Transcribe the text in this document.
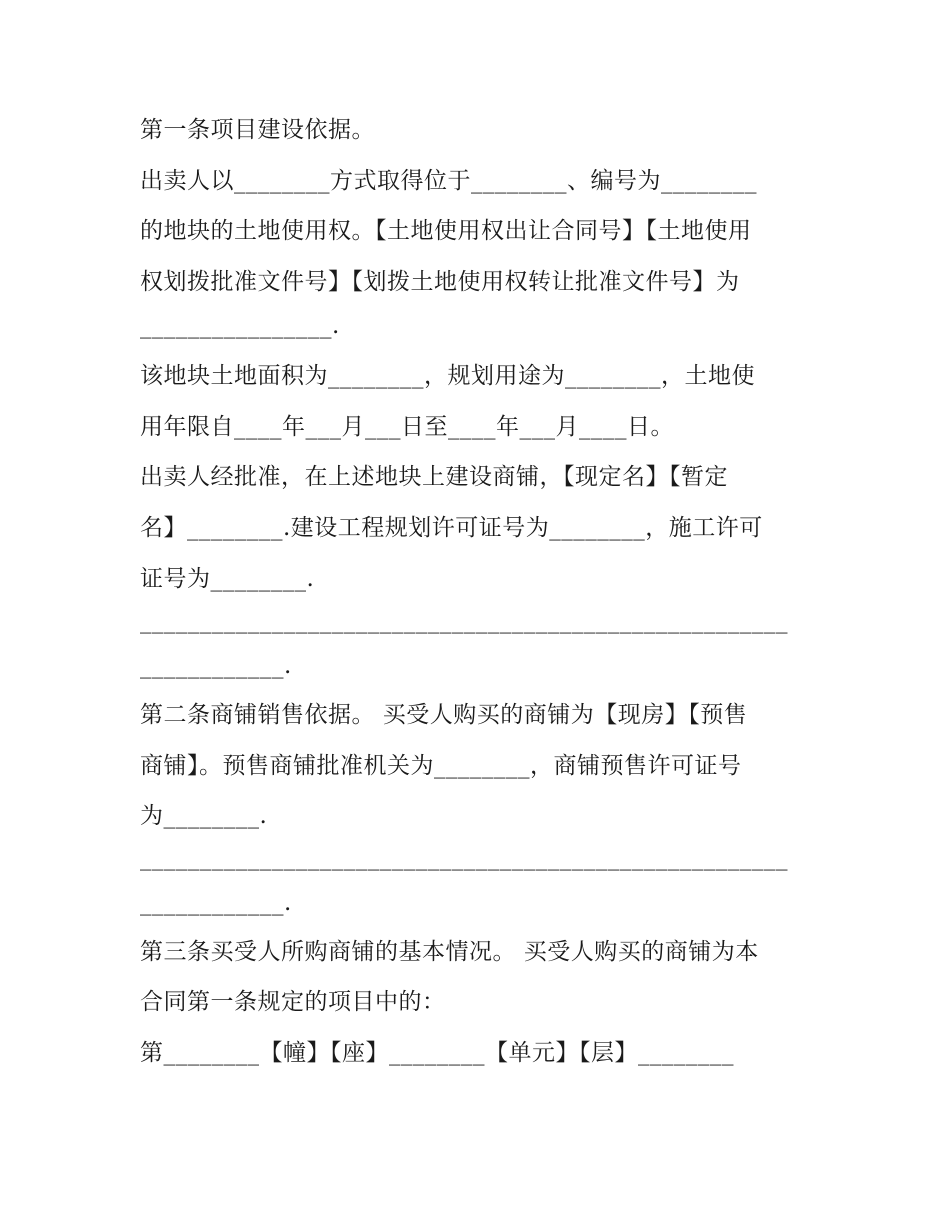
第一条项目建设依据。
出卖人以________方式取得位于________、编号为________
的地块的土地使用权。【土地使用权出让合同号】【土地使用
权划拨批准文件号】【划拨土地使用权转让批准文件号】为
________________.
该地块土地面积为________，规划用途为________，土地使
用年限自____年___月___日至____年___月____日。
出卖人经批准，在上述地块上建设商铺，【现定名】【暂定
名】________.建设工程规划许可证号为________，施工许可
证号为________.
______________________________________________________
____________.
第二条商铺销售依据。 买受人购买的商铺为【现房】【预售
商铺】。预售商铺批准机关为________，商铺预售许可证号
为________.
______________________________________________________
____________.
第三条买受人所购商铺的基本情况。 买受人购买的商铺为本
合同第一条规定的项目中的：
第________【幢】【座】________【单元】【层】________
